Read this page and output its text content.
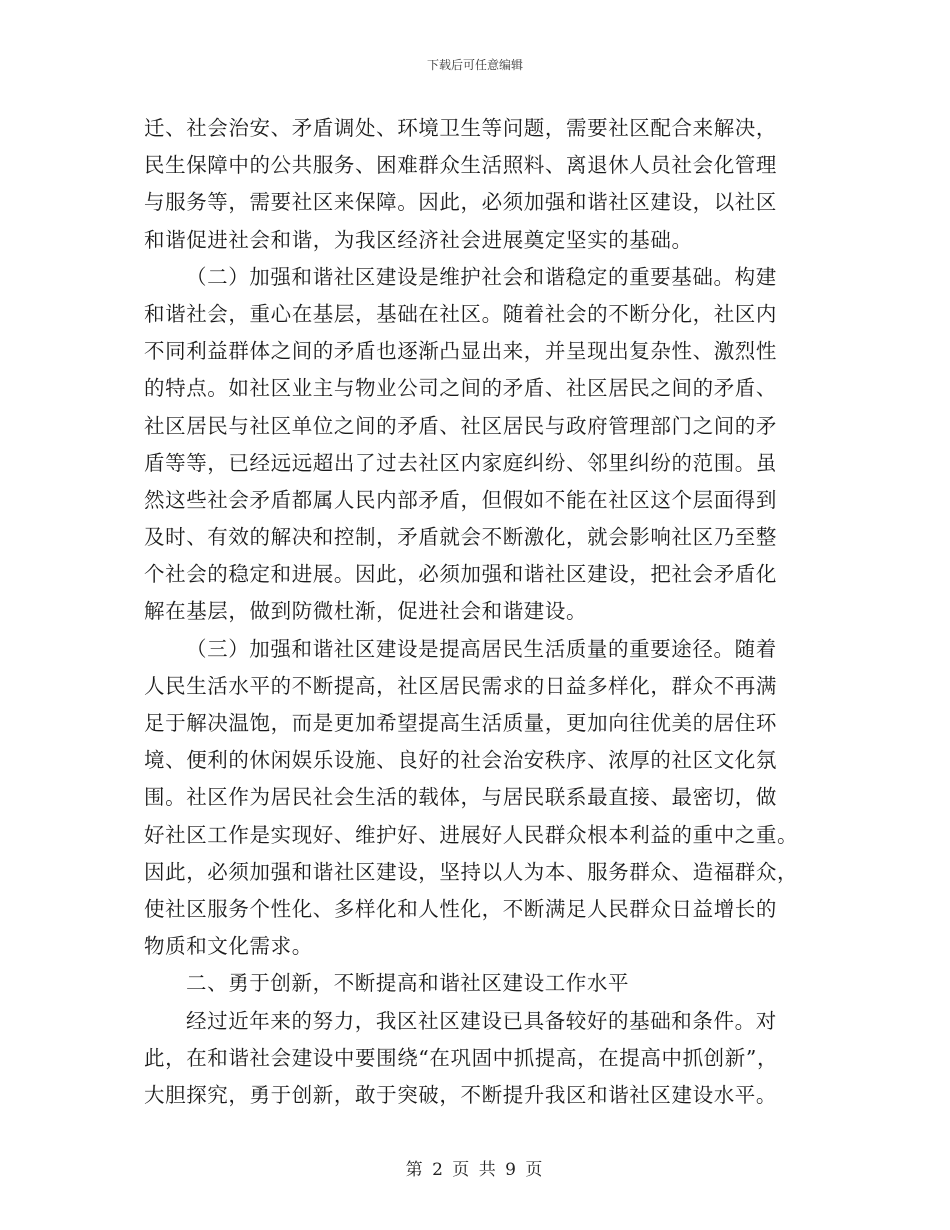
下载后可任意编辑
迁、社会治安、矛盾调处、环境卫生等问题，需要社区配合来解决，
民生保障中的公共服务、困难群众生活照料、离退休人员社会化管理
与服务等，需要社区来保障。因此，必须加强和谐社区建设，以社区
和谐促进社会和谐，为我区经济社会进展奠定坚实的基础。
（二）加强和谐社区建设是维护社会和谐稳定的重要基础。构建
和谐社会，重心在基层，基础在社区。随着社会的不断分化，社区内
不同利益群体之间的矛盾也逐渐凸显出来，并呈现出复杂性、激烈性
的特点。如社区业主与物业公司之间的矛盾、社区居民之间的矛盾、
社区居民与社区单位之间的矛盾、社区居民与政府管理部门之间的矛
盾等等，已经远远超出了过去社区内家庭纠纷、邻里纠纷的范围。虽
然这些社会矛盾都属人民内部矛盾，但假如不能在社区这个层面得到
及时、有效的解决和控制，矛盾就会不断激化，就会影响社区乃至整
个社会的稳定和进展。因此，必须加强和谐社区建设，把社会矛盾化
解在基层，做到防微杜渐，促进社会和谐建设。
（三）加强和谐社区建设是提高居民生活质量的重要途径。随着
人民生活水平的不断提高，社区居民需求的日益多样化，群众不再满
足于解决温饱，而是更加希望提高生活质量，更加向往优美的居住环
境、便利的休闲娱乐设施、良好的社会治安秩序、浓厚的社区文化氛
围。社区作为居民社会生活的载体，与居民联系最直接、最密切，做
好社区工作是实现好、维护好、进展好人民群众根本利益的重中之重。
因此，必须加强和谐社区建设，坚持以人为本、服务群众、造福群众，
使社区服务个性化、多样化和人性化，不断满足人民群众日益增长的
物质和文化需求。
二、勇于创新，不断提高和谐社区建设工作水平
经过近年来的努力，我区社区建设已具备较好的基础和条件。对
此，在和谐社会建设中要围绕“在巩固中抓提高，在提高中抓创新”，
大胆探究，勇于创新，敢于突破，不断提升我区和谐社区建设水平。
第 2 页 共 9 页
